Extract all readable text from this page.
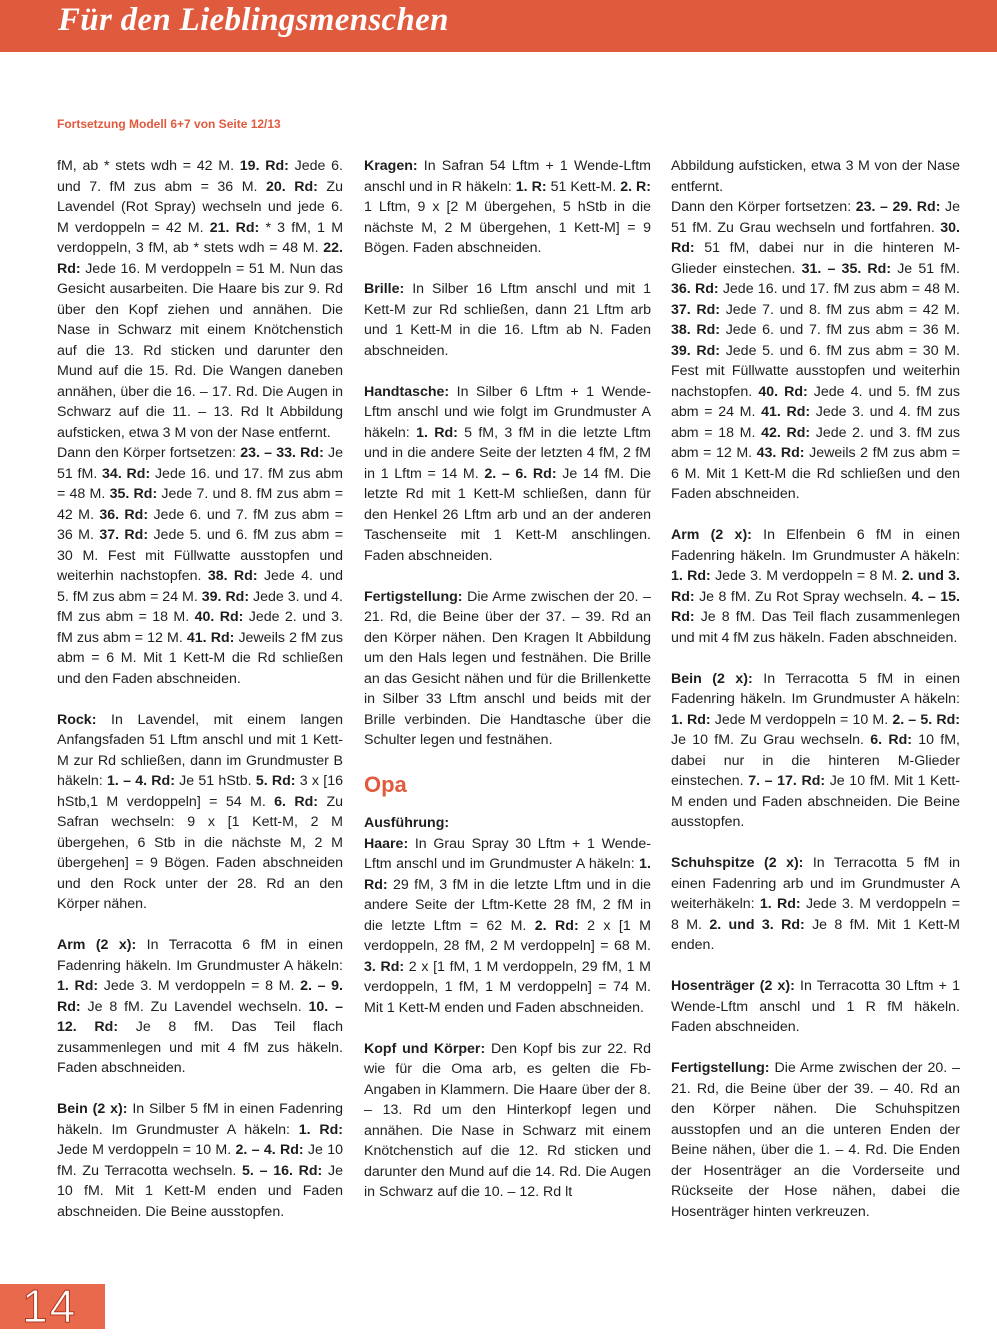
Für den Lieblingsmenschen
Fortsetzung Modell 6+7 von Seite 12/13

fM, ab * stets wdh = 42 M. 19. Rd: Jede 6. und 7. fM zus abm = 36 M. 20. Rd: Zu Lavendel (Rot Spray) wechseln und jede 6. M verdoppeln = 42 M. 21. Rd: * 3 fM, 1 M verdoppeln, 3 fM, ab * stets wdh = 48 M. 22. Rd: Jede 16. M verdoppeln = 51 M. Nun das Gesicht ausarbeiten. Die Haare bis zur 9. Rd über den Kopf ziehen und annähen. Die Nase in Schwarz mit einem Knötchenstich auf die 13. Rd sticken und darunter den Mund auf die 15. Rd. Die Wangen daneben annähen, über die 16. – 17. Rd. Die Augen in Schwarz auf die 11. – 13. Rd lt Abbildung aufsticken, etwa 3 M von der Nase entfernt.
Dann den Körper fortsetzen: 23. – 33. Rd: Je 51 fM. 34. Rd: Jede 16. und 17. fM zus abm = 48 M. 35. Rd: Jede 7. und 8. fM zus abm = 42 M. 36. Rd: Jede 6. und 7. fM zus abm = 36 M. 37. Rd: Jede 5. und 6. fM zus abm = 30 M. Fest mit Füllwatte ausstopfen und weiterhin nachstopfen. 38. Rd: Jede 4. und 5. fM zus abm = 24 M. 39. Rd: Jede 3. und 4. fM zus abm = 18 M. 40. Rd: Jede 2. und 3. fM zus abm = 12 M. 41. Rd: Jeweils 2 fM zus abm = 6 M. Mit 1 Kett-M die Rd schließen und den Faden abschneiden.

Rock: In Lavendel, mit einem langen Anfangsfaden 51 Lftm anschl und mit 1 Kett-M zur Rd schließen, dann im Grundmuster B häkeln: 1. – 4. Rd: Je 51 hStb. 5. Rd: 3 x [16 hStb,1 M verdoppeln] = 54 M. 6. Rd: Zu Safran wechseln: 9 x [1 Kett-M, 2 M übergehen, 6 Stb in die nächste M, 2 M übergehen] = 9 Bögen. Faden abschneiden und den Rock unter der 28. Rd an den Körper nähen.

Arm (2 x): In Terracotta 6 fM in einen Fadenring häkeln. Im Grundmuster A häkeln: 1. Rd: Jede 3. M verdoppeln = 8 M. 2. – 9. Rd: Je 8 fM. Zu Lavendel wechseln. 10. – 12. Rd: Je 8 fM. Das Teil flach zusammenlegen und mit 4 fM zus häkeln. Faden abschneiden.

Bein (2 x): In Silber 5 fM in einen Fadenring häkeln. Im Grundmuster A häkeln: 1. Rd: Jede M verdoppeln = 10 M. 2. – 4. Rd: Je 10 fM. Zu Terracotta wechseln. 5. – 16. Rd: Je 10 fM. Mit 1 Kett-M enden und Faden abschneiden. Die Beine ausstopfen.

Kragen: In Safran 54 Lftm + 1 Wende-Lftm anschl und in R häkeln: 1. R: 51 Kett-M. 2. R: 1 Lftm, 9 x [2 M übergehen, 5 hStb in die nächste M, 2 M übergehen, 1 Kett-M] = 9 Bögen. Faden abschneiden.

Brille: In Silber 16 Lftm anschl und mit 1 Kett-M zur Rd schließen, dann 21 Lftm arb und 1 Kett-M in die 16. Lftm ab N. Faden abschneiden.

Handtasche: In Silber 6 Lftm + 1 Wende-Lftm anschl und wie folgt im Grundmuster A häkeln: 1. Rd: 5 fM, 3 fM in die letzte Lftm und in die andere Seite der letzten 4 fM, 2 fM in 1 Lftm = 14 M. 2. – 6. Rd: Je 14 fM. Die letzte Rd mit 1 Kett-M schließen, dann für den Henkel 26 Lftm arb und an der anderen Taschenseite mit 1 Kett-M anschlingen. Faden abschneiden.

Fertigstellung: Die Arme zwischen der 20. – 21. Rd, die Beine über der 37. – 39. Rd an den Körper nähen. Den Kragen lt Abbildung um den Hals legen und festnähen. Die Brille an das Gesicht nähen und für die Brillenkette in Silber 33 Lftm anschl und beids mit der Brille verbinden. Die Handtasche über die Schulter legen und festnähen.

Opa

Ausführung:

Haare: In Grau Spray 30 Lftm + 1 Wende-Lftm anschl und im Grundmuster A häkeln: 1. Rd: 29 fM, 3 fM in die letzte Lftm und in die andere Seite der Lftm-Kette 28 fM, 2 fM in die letzte Lftm = 62 M. 2. Rd: 2 x [1 M verdoppeln, 28 fM, 2 M verdoppeln] = 68 M. 3. Rd: 2 x [1 fM, 1 M verdoppeln, 29 fM, 1 M verdoppeln, 1 fM, 1 M verdoppeln] = 74 M. Mit 1 Kett-M enden und Faden abschneiden.

Kopf und Körper: Den Kopf bis zur 22. Rd wie für die Oma arb, es gelten die Fb-Angaben in Klammern. Die Haare über der 8. – 13. Rd um den Hinterkopf legen und annähen. Die Nase in Schwarz mit einem Knötchenstich auf die 12. Rd sticken und darunter den Mund auf die 14. Rd. Die Augen in Schwarz auf die 10. – 12. Rd lt

Abbildung aufsticken, etwa 3 M von der Nase entfernt.
Dann den Körper fortsetzen: 23. – 29. Rd: Je 51 fM. Zu Grau wechseln und fortfahren. 30. Rd: 51 fM, dabei nur in die hinteren M-Glieder einstechen. 31. – 35. Rd: Je 51 fM. 36. Rd: Jede 16. und 17. fM zus abm = 48 M. 37. Rd: Jede 7. und 8. fM zus abm = 42 M. 38. Rd: Jede 6. und 7. fM zus abm = 36 M. 39. Rd: Jede 5. und 6. fM zus abm = 30 M. Fest mit Füllwatte ausstopfen und weiterhin nachstopfen. 40. Rd: Jede 4. und 5. fM zus abm = 24 M. 41. Rd: Jede 3. und 4. fM zus abm = 18 M. 42. Rd: Jede 2. und 3. fM zus abm = 12 M. 43. Rd: Jeweils 2 fM zus abm = 6 M. Mit 1 Kett-M die Rd schließen und den Faden abschneiden.

Arm (2 x): In Elfenbein 6 fM in einen Fadenring häkeln. Im Grundmuster A häkeln: 1. Rd: Jede 3. M verdoppeln = 8 M. 2. und 3. Rd: Je 8 fM. Zu Rot Spray wechseln. 4. – 15. Rd: Je 8 fM. Das Teil flach zusammenlegen und mit 4 fM zus häkeln. Faden abschneiden.

Bein (2 x): In Terracotta 5 fM in einen Fadenring häkeln. Im Grundmuster A häkeln: 1. Rd: Jede M verdoppeln = 10 M. 2. – 5. Rd: Je 10 fM. Zu Grau wechseln. 6. Rd: 10 fM, dabei nur in die hinteren M-Glieder einstechen. 7. – 17. Rd: Je 10 fM. Mit 1 Kett-M enden und Faden abschneiden. Die Beine ausstopfen.

Schuhspitze (2 x): In Terracotta 5 fM in einen Fadenring arb und im Grundmuster A weiterhäkeln: 1. Rd: Jede 3. M verdoppeln = 8 M. 2. und 3. Rd: Je 8 fM. Mit 1 Kett-M enden.

Hosenträger (2 x): In Terracotta 30 Lftm + 1 Wende-Lftm anschl und 1 R fM häkeln. Faden abschneiden.

Fertigstellung: Die Arme zwischen der 20. – 21. Rd, die Beine über der 39. – 40. Rd an den Körper nähen. Die Schuhspitzen ausstopfen und an die unteren Enden der Beine nähen, über die 1. – 4. Rd. Die Enden der Hosenträger an die Vorderseite und Rückseite der Hose nähen, dabei die Hosenträger hinten verkreuzen.

14
